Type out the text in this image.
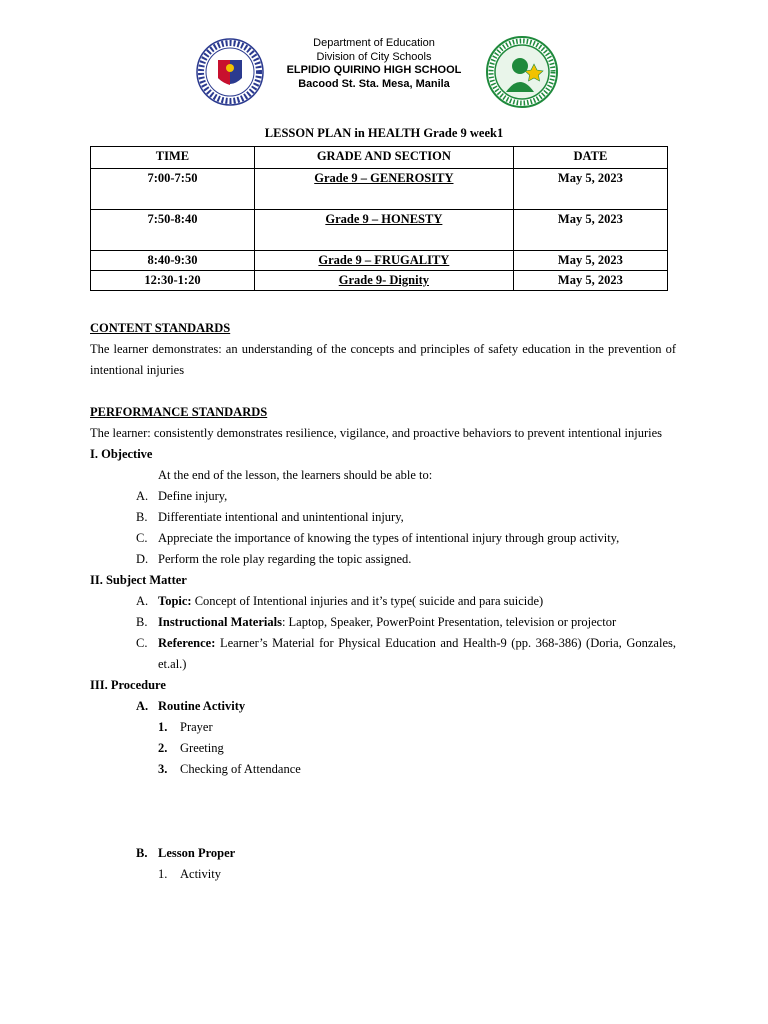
Department of Education
Division of City Schools
ELPIDIO QUIRINO HIGH SCHOOL
Bacood St. Sta. Mesa, Manila
LESSON PLAN in HEALTH Grade 9 week1
TIME	GRADE AND SECTION	DATE
7:00-7:50	Grade 9 – GENEROSITY	May 5, 2023
7:50-8:40	Grade 9 – HONESTY	May 5, 2023
8:40-9:30	Grade 9 – FRUGALITY	May 5, 2023
12:30-1:20	Grade 9- Dignity	May 5, 2023
CONTENT STANDARDS
The learner demonstrates: an understanding of the concepts and principles of safety education in the prevention of intentional injuries
PERFORMANCE STANDARDS
The learner: consistently demonstrates resilience, vigilance, and proactive behaviors to prevent intentional injuries
I. Objective
At the end of the lesson, the learners should be able to:
A. Define injury,
B. Differentiate intentional and unintentional injury,
C. Appreciate the importance of knowing the types of intentional injury through group activity,
D. Perform the role play regarding the topic assigned.
II. Subject Matter
A. Topic: Concept of Intentional injuries and it’s type( suicide and para suicide)
B. Instructional Materials: Laptop, Speaker, PowerPoint Presentation, television or projector
C. Reference: Learner’s Material for Physical Education and Health-9 (pp. 368-386) (Doria, Gonzales, et.al.)
III. Procedure
A. Routine Activity
1. Prayer
2. Greeting
3. Checking of Attendance
B. Lesson Proper
1. Activity
